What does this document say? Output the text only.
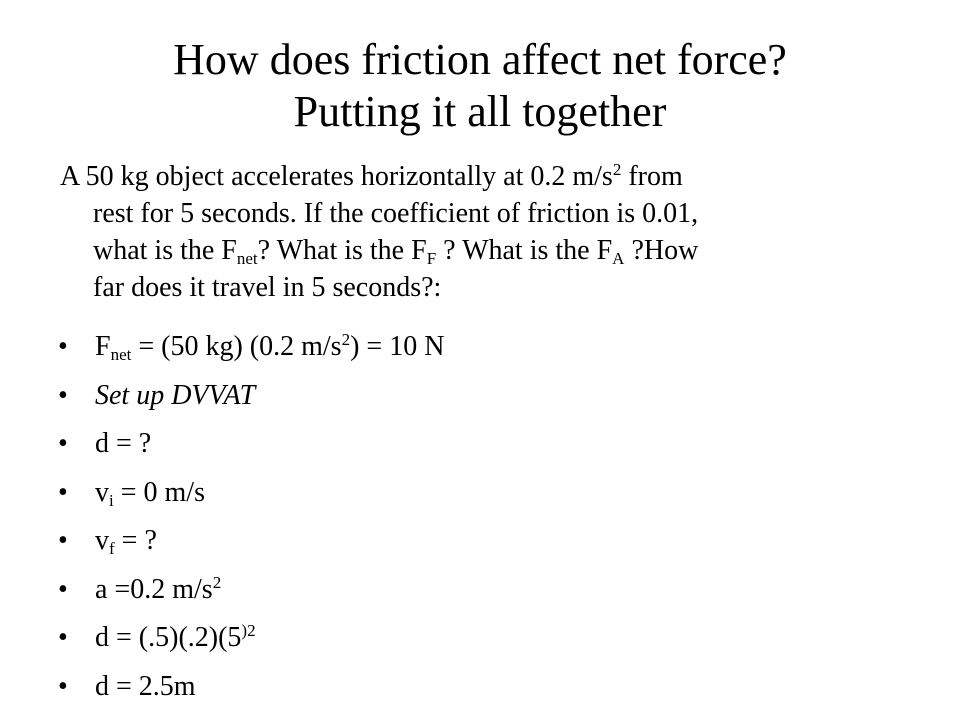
How does friction affect net force?
Putting it all together
A 50 kg object accelerates horizontally at 0.2 $m/s^2$ from
rest for 5 seconds. If the coefficient of friction is 0.01,
what is the $F_{net}$? What is the $F_F$ ? What is the $F_A$ ?How
far does it travel in 5 seconds?:
• $F_{net} = (50$ kg) (0.2 $m/s^2) = 10$ N
• Set up DVVAT
• d = ?
• $v_i = 0$ m/s
• $v_f$ = ?
• a =0.2 $m/s^2$
• $d = (.5)(.2)(5^{)2}$
• d = 2.5m
